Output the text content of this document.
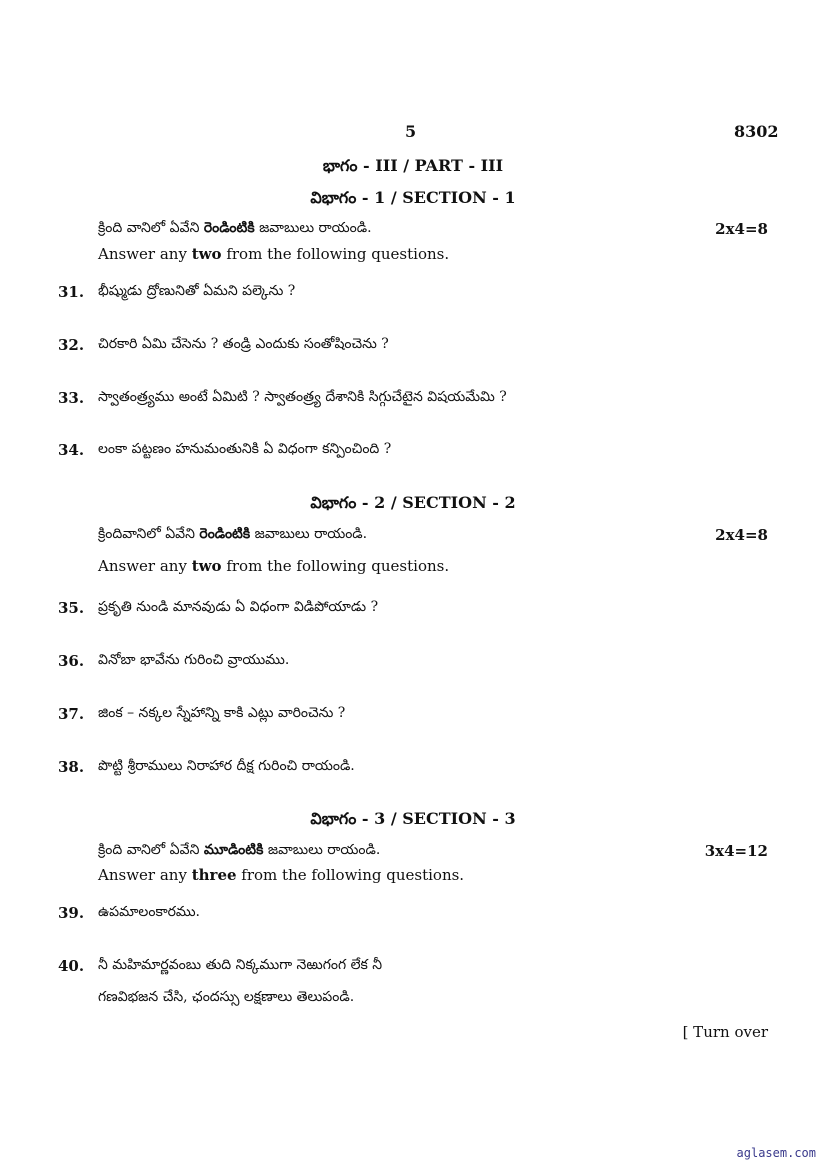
5	8302
భాగం - III / PART - III
విభాగం - 1 / SECTION - 1
క్రింది వానిలో ఏవేని రెండింటికి జవాబులు రాయండి.	2x4=8
Answer any two from the following questions.
31. భీష్ముడు ద్రోణునితో ఏమని పల్కెను ?
32. చిరకారి ఏమి చేసెను ? తండ్రి ఎందుకు సంతోషించెను ?
33. స్వాతంత్ర్యము అంటే ఏమిటి ? స్వాతంత్ర్య దేశానికి సిగ్గుచేటైన విషయమేమి ?
34. లంకా పట్టణం హనుమంతునికి ఏ విధంగా కన్పించింది ?
విభాగం - 2 / SECTION - 2
క్రిందివానిలో ఏవేని రెండింటికి జవాబులు రాయండి.	2x4=8
Answer any two from the following questions.
35. ప్రకృతి నుండి మానవుడు ఏ విధంగా విడిపోయాడు ?
36. వినోబా భావేను గురించి వ్రాయుము.
37. జింక – నక్కల స్నేహాన్ని కాకి ఎట్లు వారించెను ?
38. పొట్టి శ్రీరాములు నిరాహార దీక్ష గురించి రాయండి.
విభాగం - 3 / SECTION - 3
క్రింది వానిలో ఏవేని మూడింటికి జవాబులు రాయండి.	3x4=12
Answer any three from the following questions.
39. ఉపమాలంకారము.
40. నీ మహిమార్ణవంబు తుది నిక్కముగా నెఱుగంగ లేక నీ
గణవిభజన చేసి, ఛందస్సు లక్షణాలు తెలుపండి.
[ Turn over
aglasem.com
